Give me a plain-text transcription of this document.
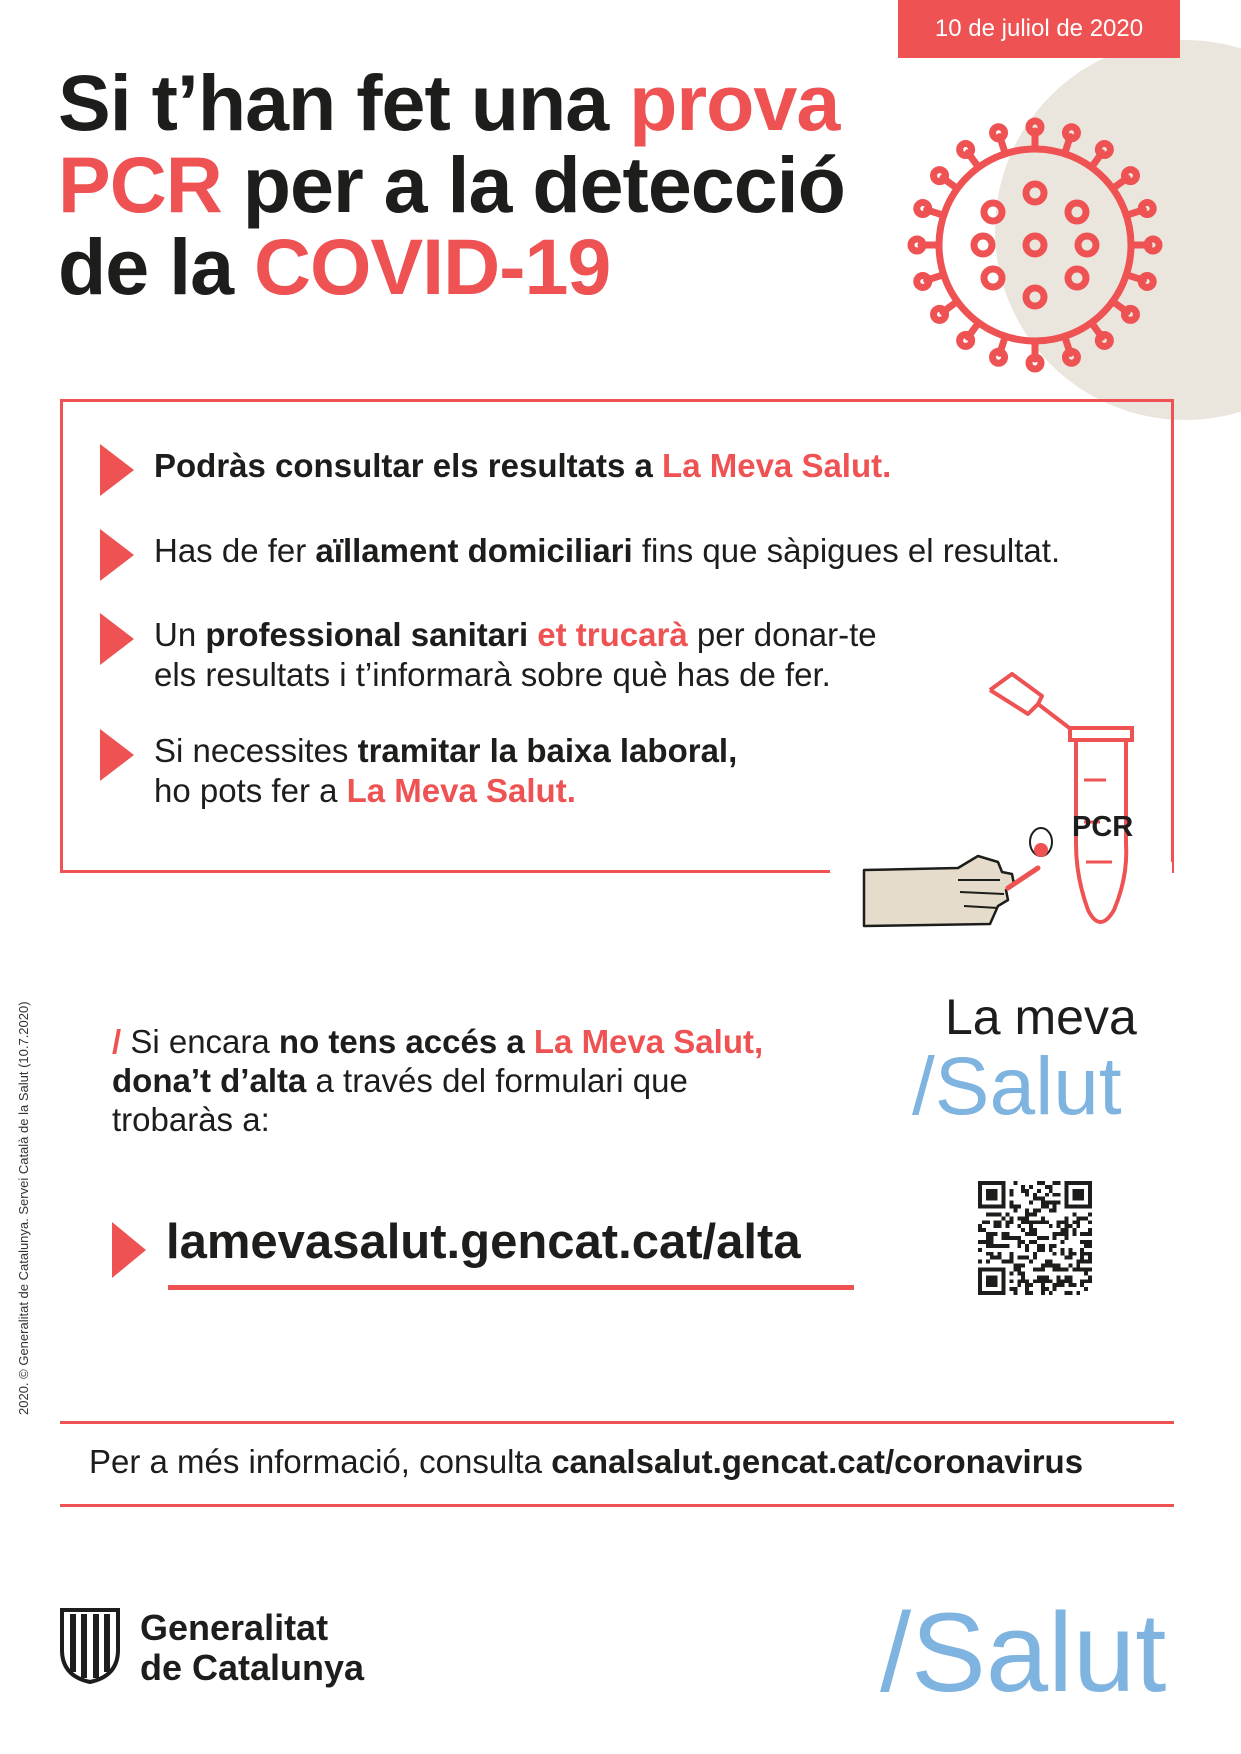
10 de juliol de 2020
Si t’han fet una prova
PCR per a la detecció
de la COVID-19
Podràs consultar els resultats a La Meva Salut.
Has de fer aïllament domiciliari fins que sàpigues el resultat.
Un professional sanitari et trucarà per donar-te
els resultats i t’informarà sobre què has de fer.
Si necessites tramitar la baixa laboral,
ho pots fer a La Meva Salut.
PCR
2020. © Generalitat de Catalunya. Servei Català de la Salut (10.7.2020) / Si encara no tens accés a La Meva Salut,
dona’t d’alta a través del formulari que
trobaràs a:
lamevasalut.gencat.cat/alta
La meva
/Salut
Per a més informació, consulta canalsalut.gencat.cat/coronavirus
Generalitat
de Catalunya	/Salut
